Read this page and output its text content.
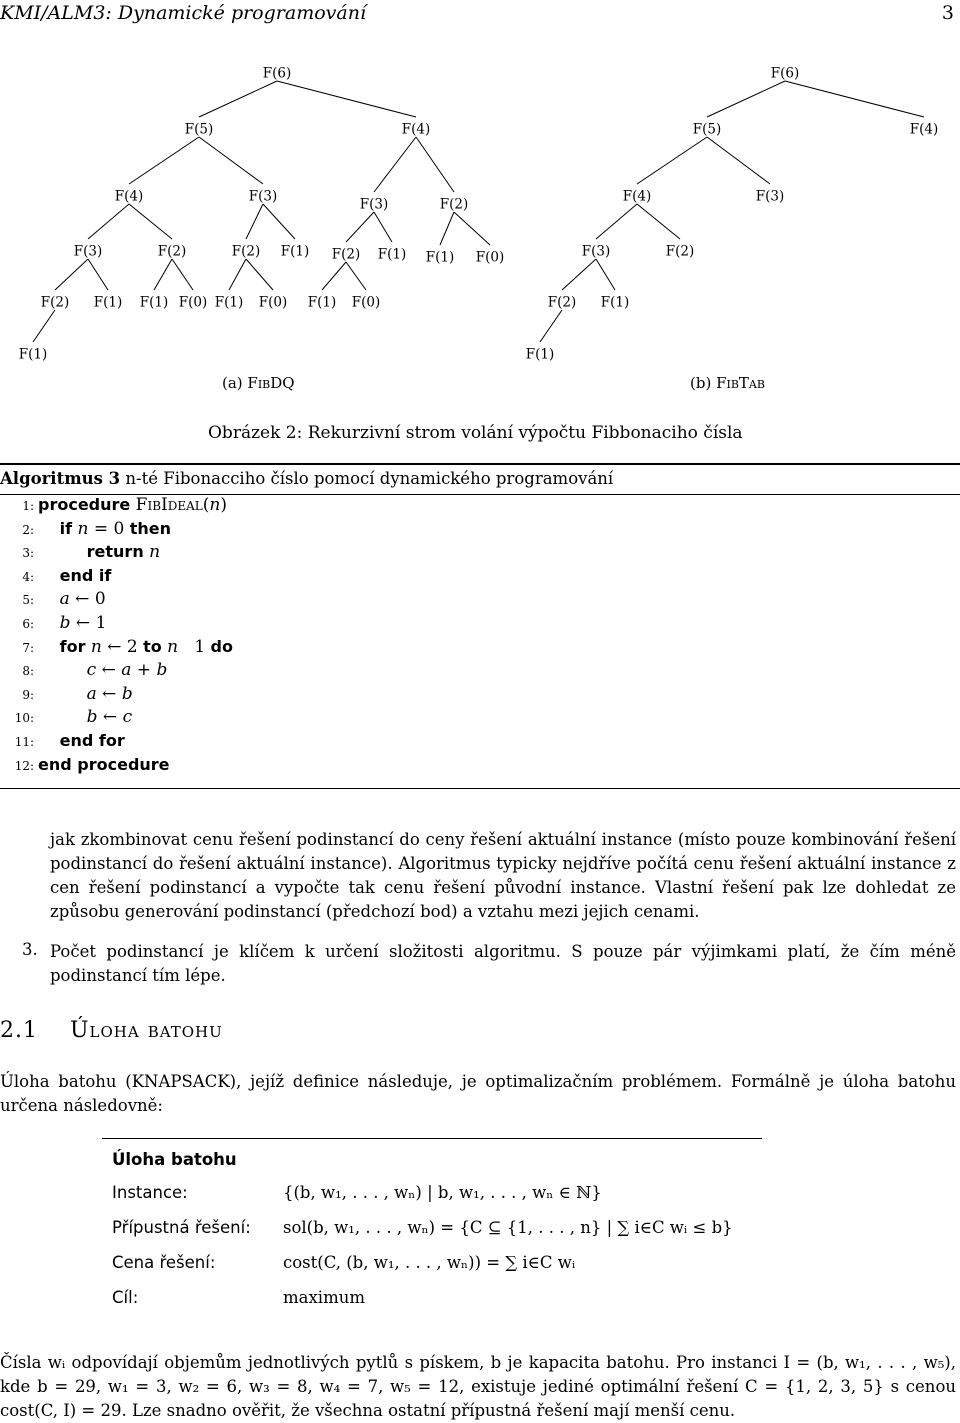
KMI/ALM3: Dynamické programování	3
F(6)
F(5)	F(4)
F(4)	F(3)	F(3)	F(2)
F(3)	F(2)	F(2) F(1) F(2) F(1) F(1) F(0)
F(2) F(1) F(1) F(0) F(1) F(0) F(1) F(0)
F(1)
F(6)
F(5)	F(4)
F(4)	F(3)
F(3)	F(2)
F(2) F(1)
F(1)
(a) FibDQ	(b) FibTab
Obrázek 2: Rekurzivní strom volání výpočtu Fibbonaciho čísla
Algoritmus 3 n-té Fibonacciho číslo pomocí dynamického programování
1: procedure FibIdeal(n)
2: if n = 0 then
3:	return n
4: end if
5: a ← 0
6: b ← 1
7: for n ← 2 to n   1 do
8:	c ← a + b
9:	a ← b
10:	b ← c
11: end for
12: end procedure
jak zkombinovat cenu řešení podinstancí do ceny řešení aktuální instance (místo pouze kombinování řešení podinstancí do řešení aktuální instance). Algoritmus typicky nejdříve počítá cenu řešení aktuální instance z cen řešení podinstancí a vypočte tak cenu řešení původní instance. Vlastní řešení pak lze dohledat ze způsobu generování podinstancí (předchozí bod) a vztahu mezi jejich cenami.
3. Počet podinstancí je klíčem k určení složitosti algoritmu. S pouze pár výjimkami platí, že čím méně podinstancí tím lépe.
2.1 Úloha batohu
Úloha batohu (KNAPSACK), jejíž definice následuje, je optimalizačním problémem. Formálně je úloha batohu určena následovně:
Úloha batohu
Instance:	{(b, w₁, . . . , wₙ) | b, w₁, . . . , wₙ ∈ ℕ}
Přípustná řešení: sol(b, w₁, . . . , wₙ) = {C ⊆ {1, . . . , n} | ∑ i∈C wᵢ ≤ b}
Cena řešení:	cost(C, (b, w₁, . . . , wₙ)) = ∑ i∈C wᵢ
Cíl:	maximum
Čísla wᵢ odpovídají objemům jednotlivých pytlů s pískem, b je kapacita batohu. Pro instanci I = (b, w₁, . . . , w₅), kde b = 29, w₁ = 3, w₂ = 6, w₃ = 8, w₄ = 7, w₅ = 12, existuje jediné optimální řešení C = {1, 2, 3, 5} s cenou cost(C, I) = 29. Lze snadno ověřit, že všechna ostatní přípustná řešení mají menší cenu.
